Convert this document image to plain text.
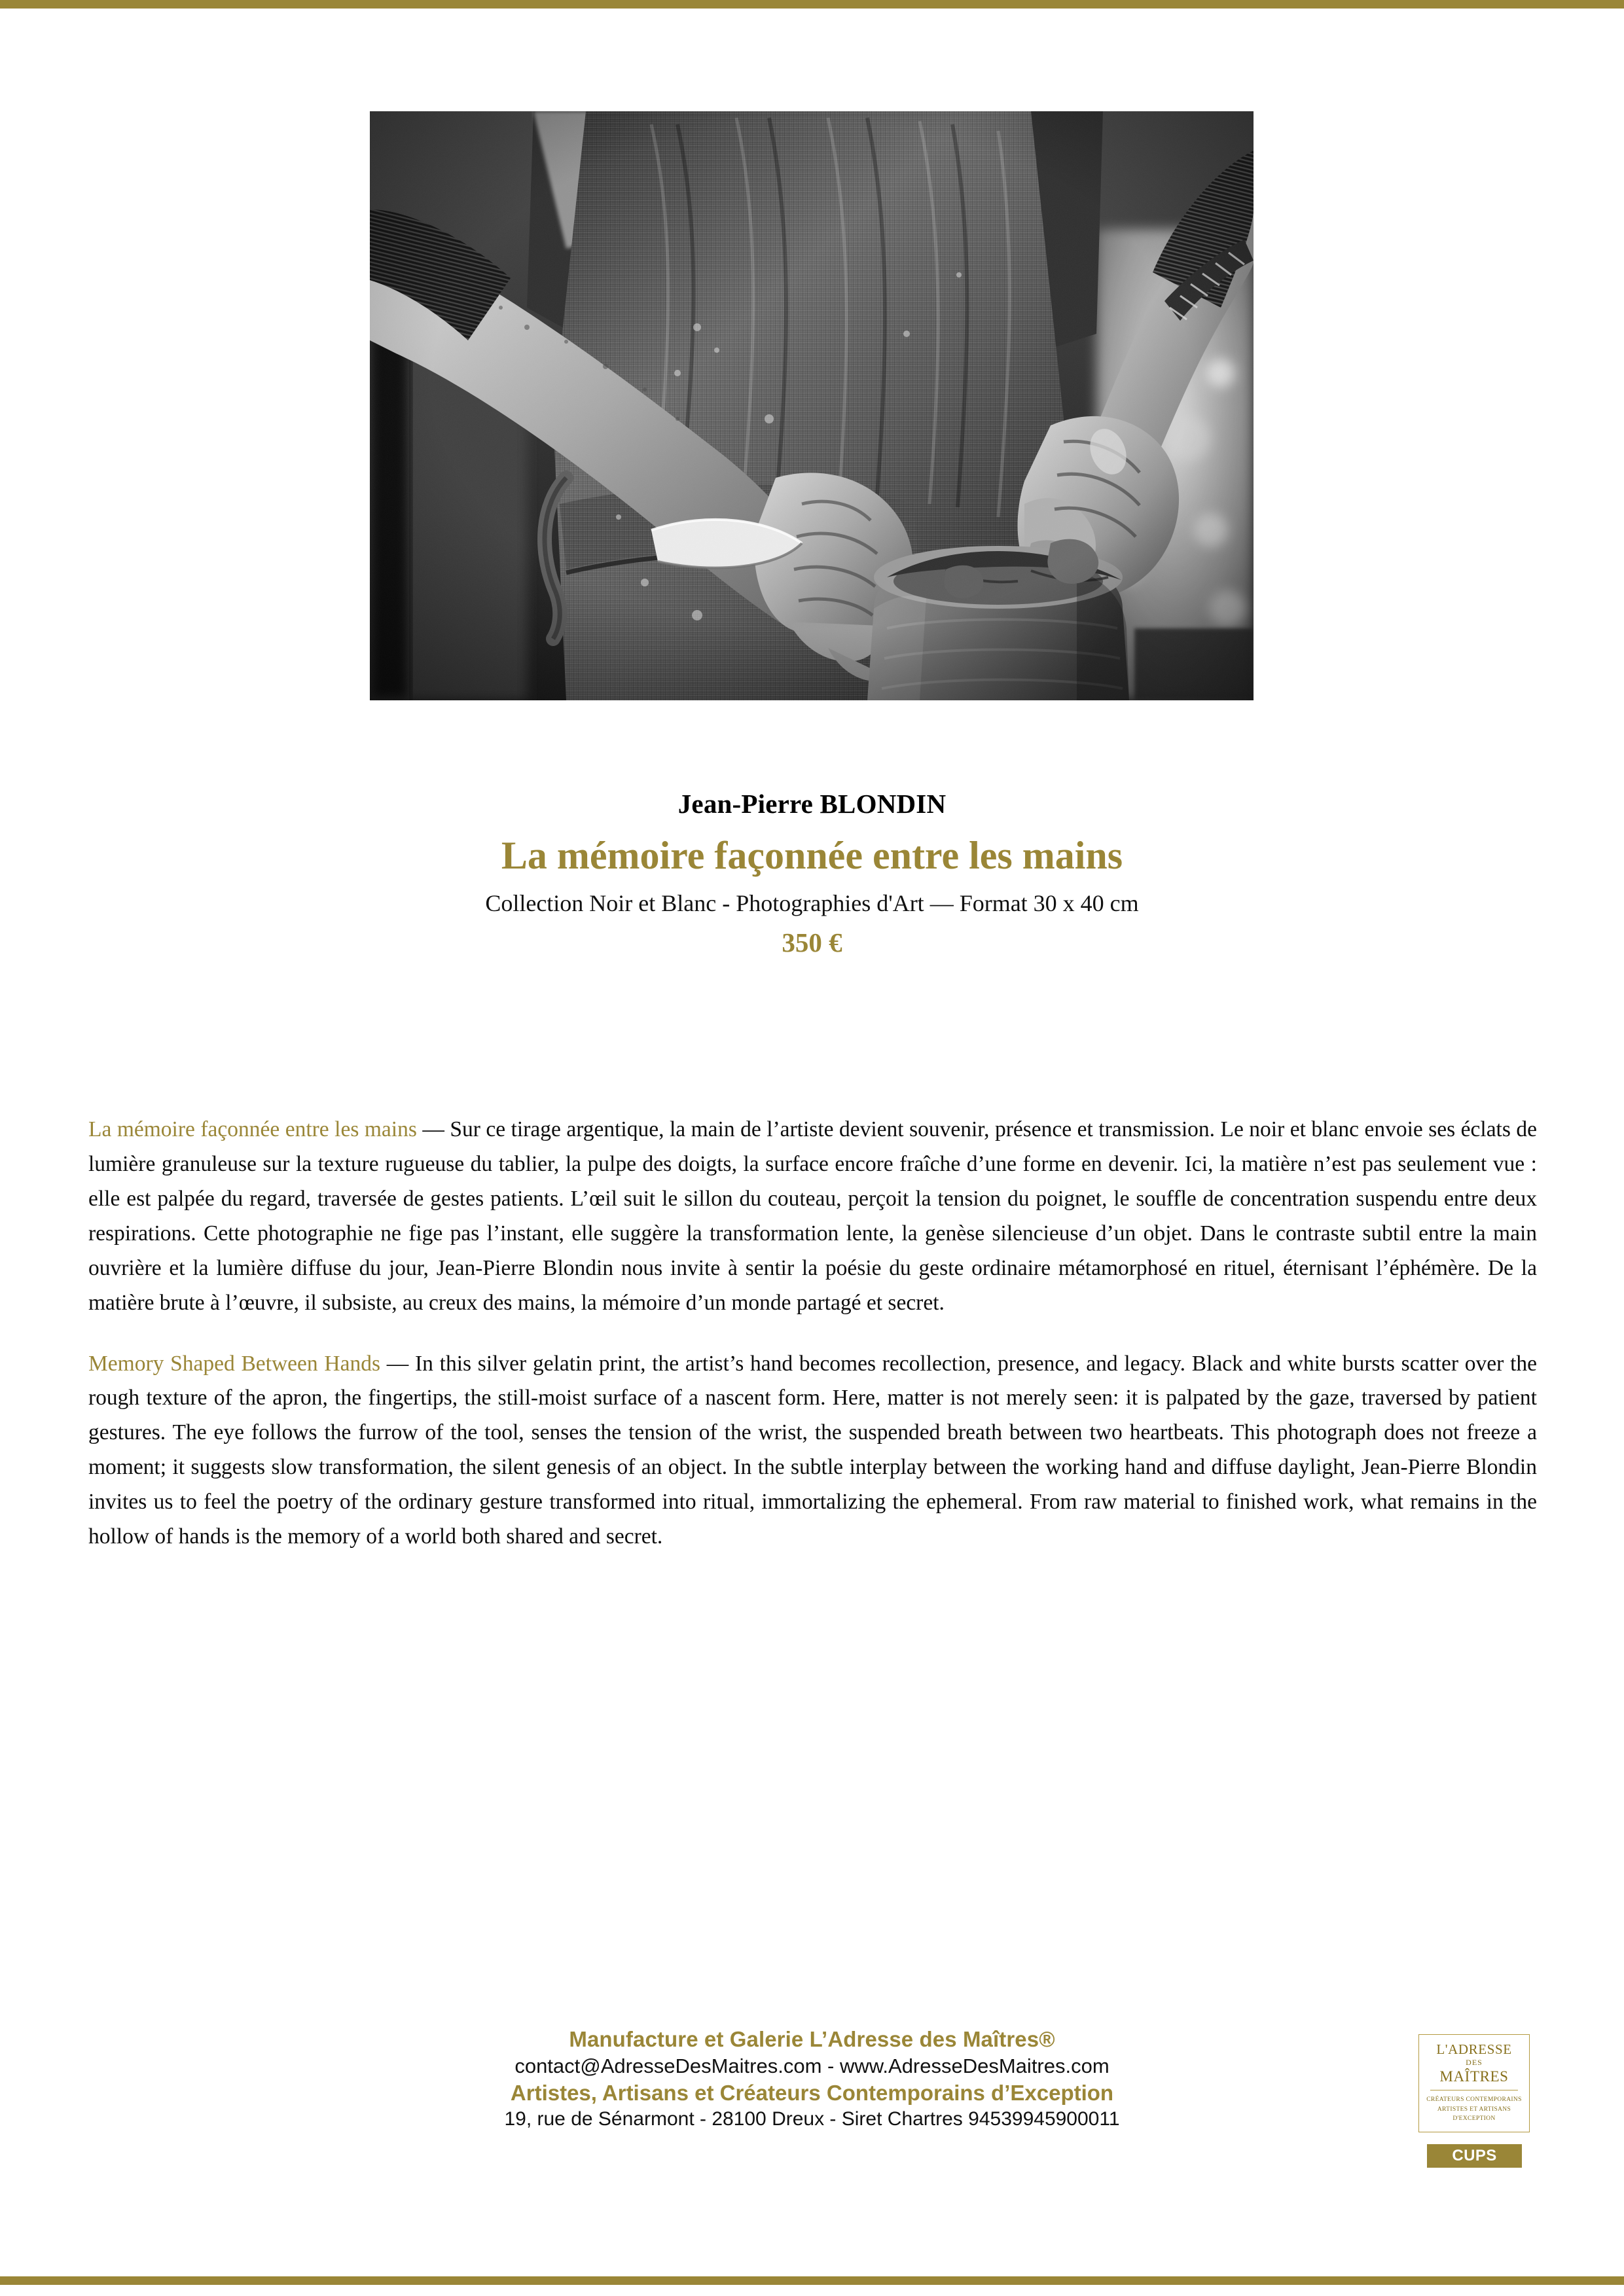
Jean-Pierre BLONDIN
La mémoire façonnée entre les mains
Collection Noir et Blanc - Photographies d'Art — Format 30 x 40 cm
350 €

La mémoire façonnée entre les mains — Sur ce tirage argentique, la main de l’artiste devient souvenir, présence et transmission. Le noir et blanc envoie ses éclats de lumière granuleuse sur la texture rugueuse du tablier, la pulpe des doigts, la surface encore fraîche d’une forme en devenir. Ici, la matière n’est pas seulement vue : elle est palpée du regard, traversée de gestes patients. L’œil suit le sillon du couteau, perçoit la tension du poignet, le souffle de concentration suspendu entre deux respirations. Cette photographie ne fige pas l’instant, elle suggère la transformation lente, la genèse silencieuse d’un objet. Dans le contraste subtil entre la main ouvrière et la lumière diffuse du jour, Jean-Pierre Blondin nous invite à sentir la poésie du geste ordinaire métamorphosé en rituel, éternisant l’éphémère. De la matière brute à l’œuvre, il subsiste, au creux des mains, la mémoire d’un monde partagé et secret.

Memory Shaped Between Hands — In this silver gelatin print, the artist’s hand becomes recollection, presence, and legacy. Black and white bursts scatter over the rough texture of the apron, the fingertips, the still-moist surface of a nascent form. Here, matter is not merely seen: it is palpated by the gaze, traversed by patient gestures. The eye follows the furrow of the tool, senses the tension of the wrist, the suspended breath between two heartbeats. This photograph does not freeze a moment; it suggests slow transformation, the silent genesis of an object. In the subtle interplay between the working hand and diffuse daylight, Jean-Pierre Blondin invites us to feel the poetry of the ordinary gesture transformed into ritual, immortalizing the ephemeral. From raw material to finished work, what remains in the hollow of hands is the memory of a world both shared and secret.

Manufacture et Galerie L’Adresse des Maîtres®
contact@AdresseDesMaitres.com - www.AdresseDesMaitres.com
Artistes, Artisans et Créateurs Contemporains d’Exception
19, rue de Sénarmont - 28100 Dreux - Siret Chartres 94539945900011
L'ADRESSE
DES
MAÎTRES
CRÉATEURS CONTEMPORAINS
ARTISTES ET ARTISANS
D'EXCEPTION
CUPS
